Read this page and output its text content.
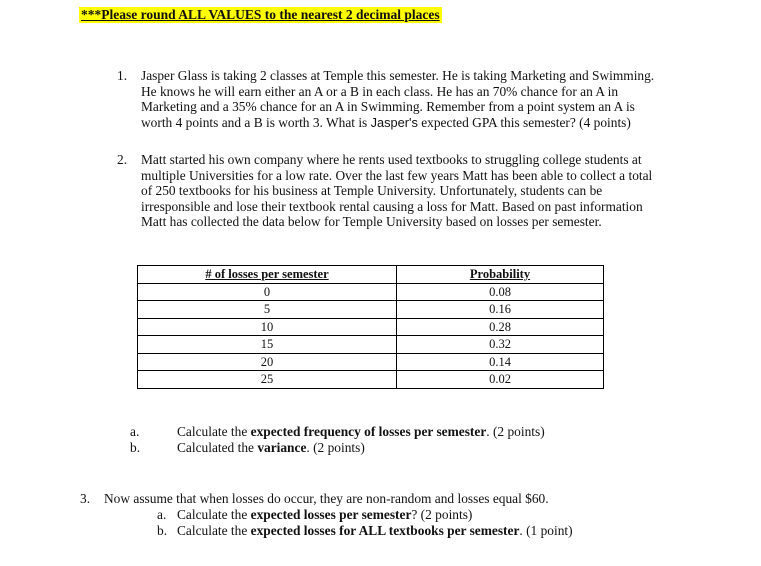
***Please round ALL VALUES to the nearest 2 decimal places
1. Jasper Glass is taking 2 classes at Temple this semester. He is taking Marketing and Swimming.
He knows he will earn either an A or a B in each class. He has an 70% chance for an A in
Marketing and a 35% chance for an A in Swimming. Remember from a point system an A is
worth 4 points and a B is worth 3. What is Jasper's expected GPA this semester? (4 points)
2. Matt started his own company where he rents used textbooks to struggling college students at
multiple Universities for a low rate. Over the last few years Matt has been able to collect a total
of 250 textbooks for his business at Temple University. Unfortunately, students can be
irresponsible and lose their textbook rental causing a loss for Matt. Based on past information
Matt has collected the data below for Temple University based on losses per semester.
# of losses per semester	Probability
0	0.08
5	0.16
10	0.28
15	0.32
20	0.14
25	0.02
a.	Calculate the expected frequency of losses per semester. (2 points)
b.	Calculated the variance. (2 points)
3. Now assume that when losses do occur, they are non-random and losses equal $60.
a. Calculate the expected losses per semester? (2 points)
b. Calculate the expected losses for ALL textbooks per semester. (1 point)
